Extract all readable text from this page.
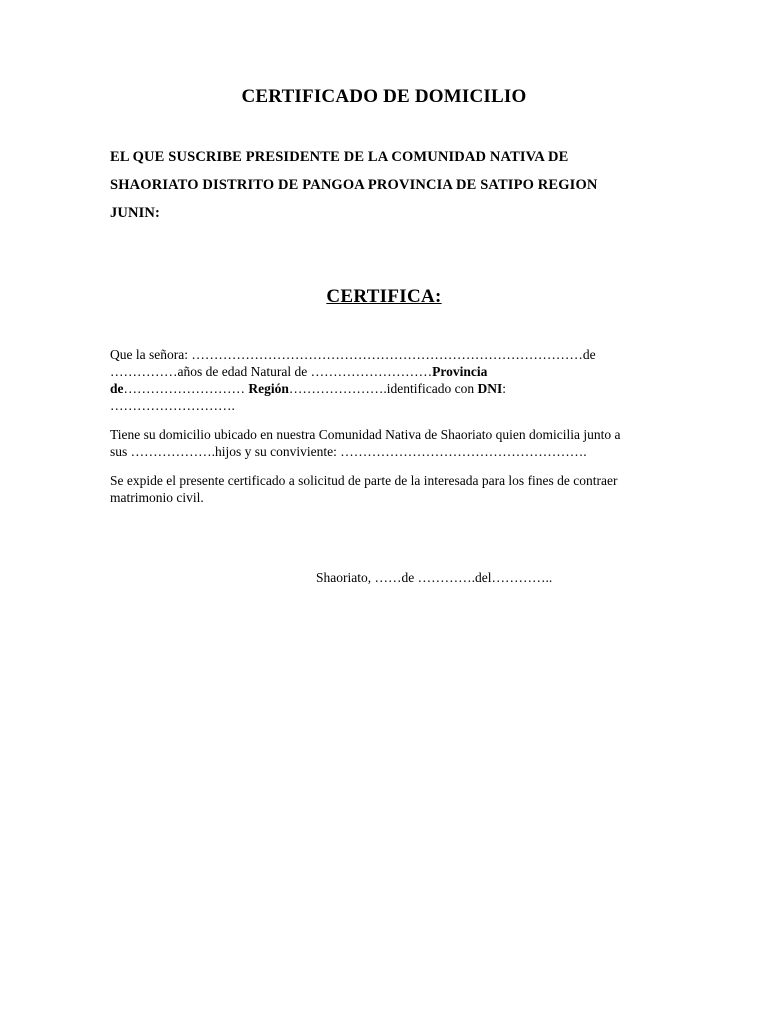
CERTIFICADO DE DOMICILIO
EL QUE SUSCRIBE PRESIDENTE DE LA COMUNIDAD NATIVA DE
SHAORIATO DISTRITO DE PANGOA PROVINCIA DE SATIPO REGION
JUNIN:
CERTIFICA:
Que la señora: ……………………………………………………………………………de
……………años de edad Natural de ………………………Provincia
de……………………… Región………………….identificado con DNI:
……………………….
Tiene su domicilio ubicado en nuestra Comunidad Nativa de Shaoriato quien domicilia junto a
sus ……………….hijos y su conviviente: ……………………………………………….
Se expide el presente certificado a solicitud de parte de la interesada para los fines de contraer
matrimonio civil.
Shaoriato, ……de ………….del…………..
